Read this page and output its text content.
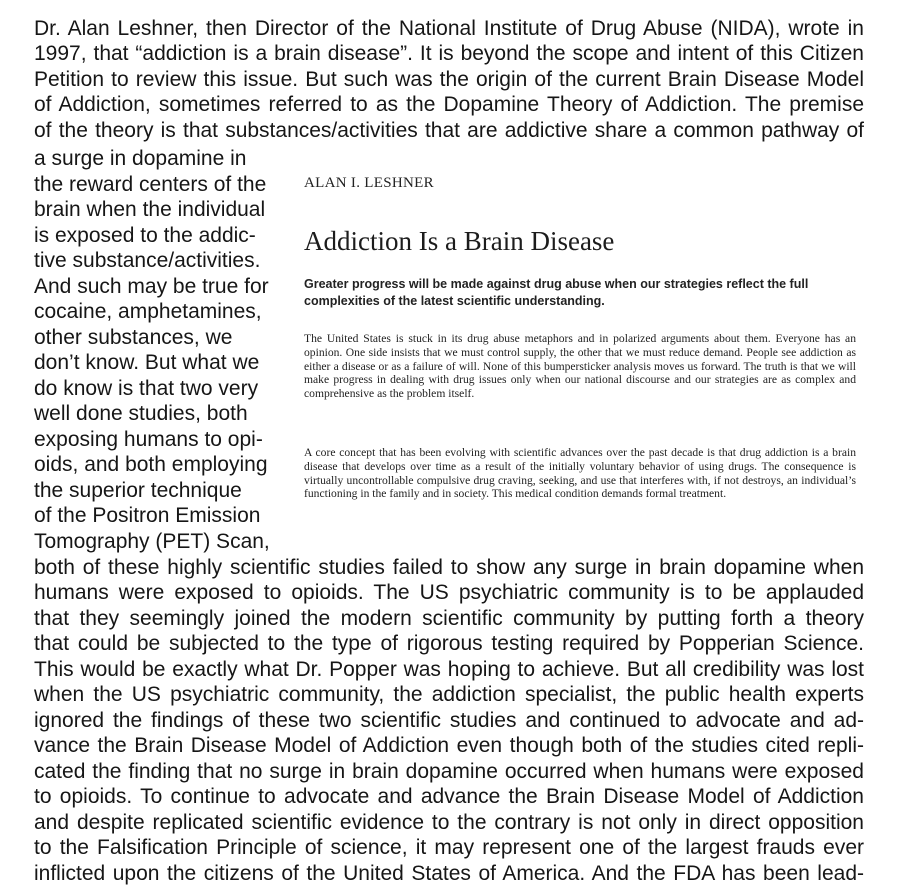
Dr. Alan Leshner, then Director of the National Institute of Drug Abuse (NIDA), wrote in
1997, that “addiction is a brain disease”. It is beyond the scope and intent of this Citizen
Petition to review this issue. But such was the origin of the current Brain Disease Model
of Addiction, sometimes referred to as the Dopamine Theory of Addiction. The premise
of the theory is that substances/activities that are addictive share a common pathway of
a surge in dopamine in
the reward centers of the
brain when the individual
is exposed to the addic-
tive substance/activities.
And such may be true for
cocaine, amphetamines,
other substances, we
don’t know. But what we
do know is that two very
well done studies, both
exposing humans to opi-
oids, and both employing
the superior technique
of the Positron Emission
Tomography (PET) Scan,
both of these highly scientific studies failed to show any surge in brain dopamine when
humans were exposed to opioids. The US psychiatric community is to be applauded
that they seemingly joined the modern scientific community by putting forth a theory
that could be subjected to the type of rigorous testing required by Popperian Science.
This would be exactly what Dr. Popper was hoping to achieve. But all credibility was lost
when the US psychiatric community, the addiction specialist, the public health experts
ignored the findings of these two scientific studies and continued to advocate and ad-
vance the Brain Disease Model of Addiction even though both of the studies cited repli-
cated the finding that no surge in brain dopamine occurred when humans were exposed
to opioids. To continue to advocate and advance the Brain Disease Model of Addiction
and despite replicated scientific evidence to the contrary is not only in direct opposition
to the Falsification Principle of science, it may represent one of the largest frauds ever
inflicted upon the citizens of the United States of America. And the FDA has been lead-
ALAN I. LESHNER
Addiction Is a Brain Disease
Greater progress will be made against drug abuse when our strategies reflect the full complexities of the latest scientific understanding.
The United States is stuck in its drug abuse metaphors and in polarized arguments about them. Everyone has an opinion. One side insists that we must control supply, the other that we must reduce demand. People see addiction as either a disease or as a failure of will. None of this bumpersticker analysis moves us forward. The truth is that we will make progress in dealing with drug issues only when our national discourse and our strategies are as complex and comprehensive as the problem itself.
A core concept that has been evolving with scientific advances over the past decade is that drug addiction is a brain disease that develops over time as a result of the initially voluntary behavior of using drugs. The consequence is virtually uncontrollable compulsive drug craving, seeking, and use that interferes with, if not destroys, an individual’s functioning in the family and in society. This medical condition demands formal treatment.
